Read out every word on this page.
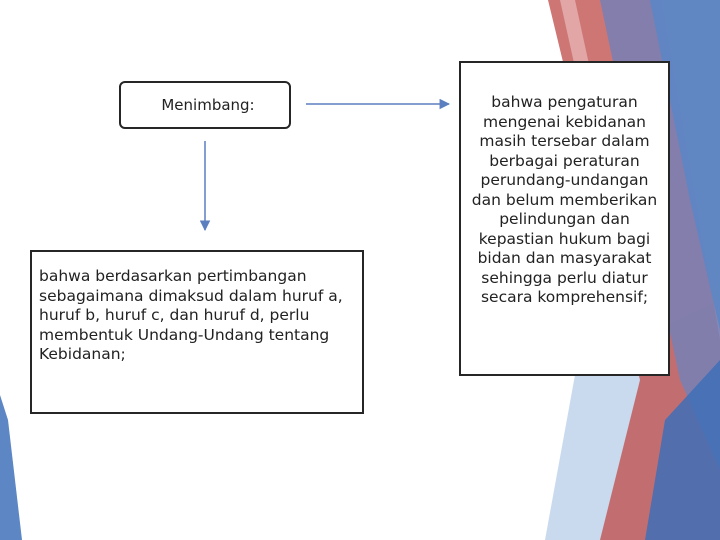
Menimbang:
bahwa berdasarkan pertimbangan
sebagaimana dimaksud dalam huruf a,
huruf b, huruf c, dan huruf d, perlu
membentuk Undang-Undang tentang
Kebidanan;
bahwa pengaturan
mengenai kebidanan
masih tersebar dalam
berbagai peraturan
perundang-undangan
dan belum memberikan
pelindungan dan
kepastian hukum bagi
bidan dan masyarakat
sehingga perlu diatur
secara komprehensif;
